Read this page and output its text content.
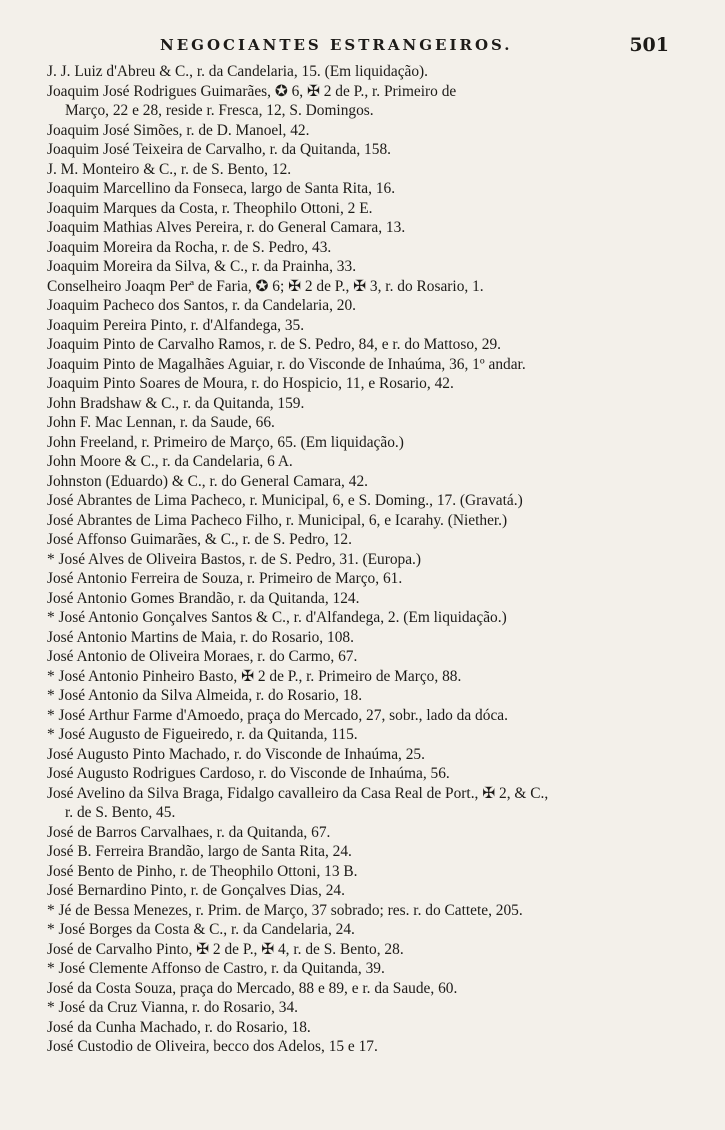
NEGOCIANTES ESTRANGEIROS.	501
J. J. Luiz d'Abreu & C., r. da Candelaria, 15. (Em liquidação).
Joaquim José Rodrigues Guimarães, ✪ 6, ✠ 2 de P., r. Primeiro de
Março, 22 e 28, reside r. Fresca, 12, S. Domingos.
Joaquim José Simões, r. de D. Manoel, 42.
Joaquim José Teixeira de Carvalho, r. da Quitanda, 158.
J. M. Monteiro & C., r. de S. Bento, 12.
Joaquim Marcellino da Fonseca, largo de Santa Rita, 16.
Joaquim Marques da Costa, r. Theophilo Ottoni, 2 E.
Joaquim Mathias Alves Pereira, r. do General Camara, 13.
Joaquim Moreira da Rocha, r. de S. Pedro, 43.
Joaquim Moreira da Silva, & C., r. da Prainha, 33.
Conselheiro Joaqm Perª de Faria, ✪ 6; ✠ 2 de P., ✠ 3, r. do Rosario, 1.
Joaquim Pacheco dos Santos, r. da Candelaria, 20.
Joaquim Pereira Pinto, r. d'Alfandega, 35.
Joaquim Pinto de Carvalho Ramos, r. de S. Pedro, 84, e r. do Mattoso, 29.
Joaquim Pinto de Magalhães Aguiar, r. do Visconde de Inhaúma, 36, 1º andar.
Joaquim Pinto Soares de Moura, r. do Hospicio, 11, e Rosario, 42.
John Bradshaw & C., r. da Quitanda, 159.
John F. Mac Lennan, r. da Saude, 66.
John Freeland, r. Primeiro de Março, 65. (Em liquidação.)
John Moore & C., r. da Candelaria, 6 A.
Johnston (Eduardo) & C., r. do General Camara, 42.
José Abrantes de Lima Pacheco, r. Municipal, 6, e S. Doming., 17. (Gravatá.)
José Abrantes de Lima Pacheco Filho, r. Municipal, 6, e Icarahy. (Niether.)
José Affonso Guimarães, & C., r. de S. Pedro, 12.
* José Alves de Oliveira Bastos, r. de S. Pedro, 31. (Europa.)
José Antonio Ferreira de Souza, r. Primeiro de Março, 61.
José Antonio Gomes Brandão, r. da Quitanda, 124.
* José Antonio Gonçalves Santos & C., r. d'Alfandega, 2. (Em liquidação.)
José Antonio Martins de Maia, r. do Rosario, 108.
José Antonio de Oliveira Moraes, r. do Carmo, 67.
* José Antonio Pinheiro Basto, ✠ 2 de P., r. Primeiro de Março, 88.
* José Antonio da Silva Almeida, r. do Rosario, 18.
* José Arthur Farme d'Amoedo, praça do Mercado, 27, sobr., lado da dóca.
* José Augusto de Figueiredo, r. da Quitanda, 115.
José Augusto Pinto Machado, r. do Visconde de Inhaúma, 25.
José Augusto Rodrigues Cardoso, r. do Visconde de Inhaúma, 56.
José Avelino da Silva Braga, Fidalgo cavalleiro da Casa Real de Port., ✠ 2, & C.,
r. de S. Bento, 45.
José de Barros Carvalhaes, r. da Quitanda, 67.
José B. Ferreira Brandão, largo de Santa Rita, 24.
José Bento de Pinho, r. de Theophilo Ottoni, 13 B.
José Bernardino Pinto, r. de Gonçalves Dias, 24.
* Jé de Bessa Menezes, r. Prim. de Março, 37 sobrado; res. r. do Cattete, 205.
* José Borges da Costa & C., r. da Candelaria, 24.
José de Carvalho Pinto, ✠ 2 de P., ✠ 4, r. de S. Bento, 28.
* José Clemente Affonso de Castro, r. da Quitanda, 39.
José da Costa Souza, praça do Mercado, 88 e 89, e r. da Saude, 60.
* José da Cruz Vianna, r. do Rosario, 34.
José da Cunha Machado, r. do Rosario, 18.
José Custodio de Oliveira, becco dos Adelos, 15 e 17.
